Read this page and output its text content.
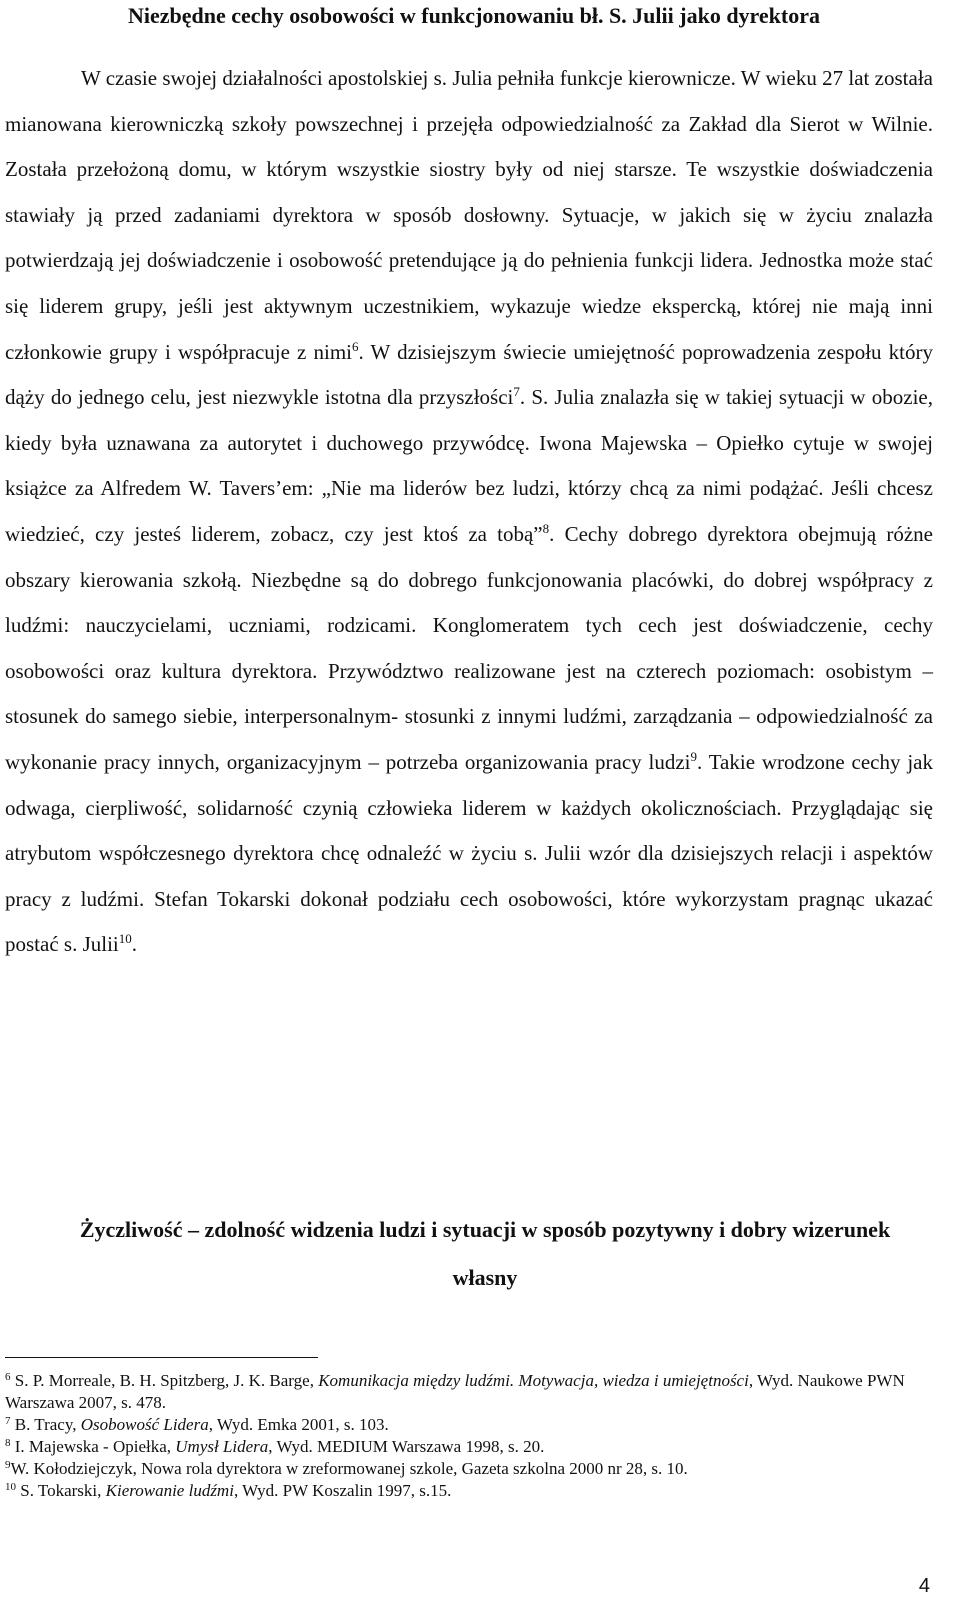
Niezbędne cechy osobowości w funkcjonowaniu bł. S. Julii jako dyrektora

W czasie swojej działalności apostolskiej s. Julia pełniła funkcje kierownicze. W wieku 27 lat została mianowana kierowniczką szkoły powszechnej i przejęła odpowiedzialność za Zakład dla Sierot w Wilnie. Została przełożoną domu, w którym wszystkie siostry były od niej starsze. Te wszystkie doświadczenia stawiały ją przed zadaniami dyrektora w sposób dosłowny. Sytuacje, w jakich się w życiu znalazła potwierdzają jej doświadczenie i osobowość pretendujące ją do pełnienia funkcji lidera. Jednostka może stać się liderem grupy, jeśli jest aktywnym uczestnikiem, wykazuje wiedze ekspercką, której nie mają inni członkowie grupy i współpracuje z nimi$^6$. W dzisiejszym świecie umiejętność poprowadzenia zespołu który dąży do jednego celu, jest niezwykle istotna dla przyszłości$^7$. S. Julia znalazła się w takiej sytuacji w obozie, kiedy była uznawana za autorytet i duchowego przywódcę. Iwona Majewska – Opiełko cytuje w swojej książce za Alfredem W. Tavers’em: „Nie ma liderów bez ludzi, którzy chcą za nimi podążać. Jeśli chcesz wiedzieć, czy jesteś liderem, zobacz, czy jest ktoś za tobą”$^8$. Cechy dobrego dyrektora obejmują różne obszary kierowania szkołą. Niezbędne są do dobrego funkcjonowania placówki, do dobrej współpracy z ludźmi: nauczycielami, uczniami, rodzicami. Konglomeratem tych cech jest doświadczenie, cechy osobowości oraz kultura dyrektora. Przywództwo realizowane jest na czterech poziomach: osobistym – stosunek do samego siebie, interpersonalnym- stosunki z innymi ludźmi, zarządzania – odpowiedzialność za wykonanie pracy innych, organizacyjnym – potrzeba organizowania pracy ludzi$^9$. Takie wrodzone cechy jak odwaga, cierpliwość, solidarność czynią człowieka liderem w każdych okolicznościach. Przyglądając się atrybutom współczesnego dyrektora chcę odnaleźć w życiu s. Julii wzór dla dzisiejszych relacji i aspektów pracy z ludźmi. Stefan Tokarski dokonał podziału cech osobowości, które wykorzystam pragnąc ukazać postać s. Julii$^{10}$.

Życzliwość – zdolność widzenia ludzi i sytuacji w sposób pozytywny i dobry wizerunek własny

$^6$ S. P. Morreale, B. H. Spitzberg, J. K. Barge, Komunikacja między ludźmi. Motywacja, wiedza i umiejętności, Wyd. Naukowe PWN Warszawa 2007, s. 478.

$^7$ B. Tracy, Osobowość Lidera, Wyd. Emka 2001, s. 103.

$^8$ I. Majewska - Opiełka, Umysł Lidera, Wyd. MEDIUM Warszawa 1998, s. 20.

$^9$W. Kołodziejczyk, Nowa rola dyrektora w zreformowanej szkole, Gazeta szkolna 2000 nr 28, s. 10.

$^{10}$ S. Tokarski, Kierowanie ludźmi, Wyd. PW Koszalin 1997, s.15.

4
